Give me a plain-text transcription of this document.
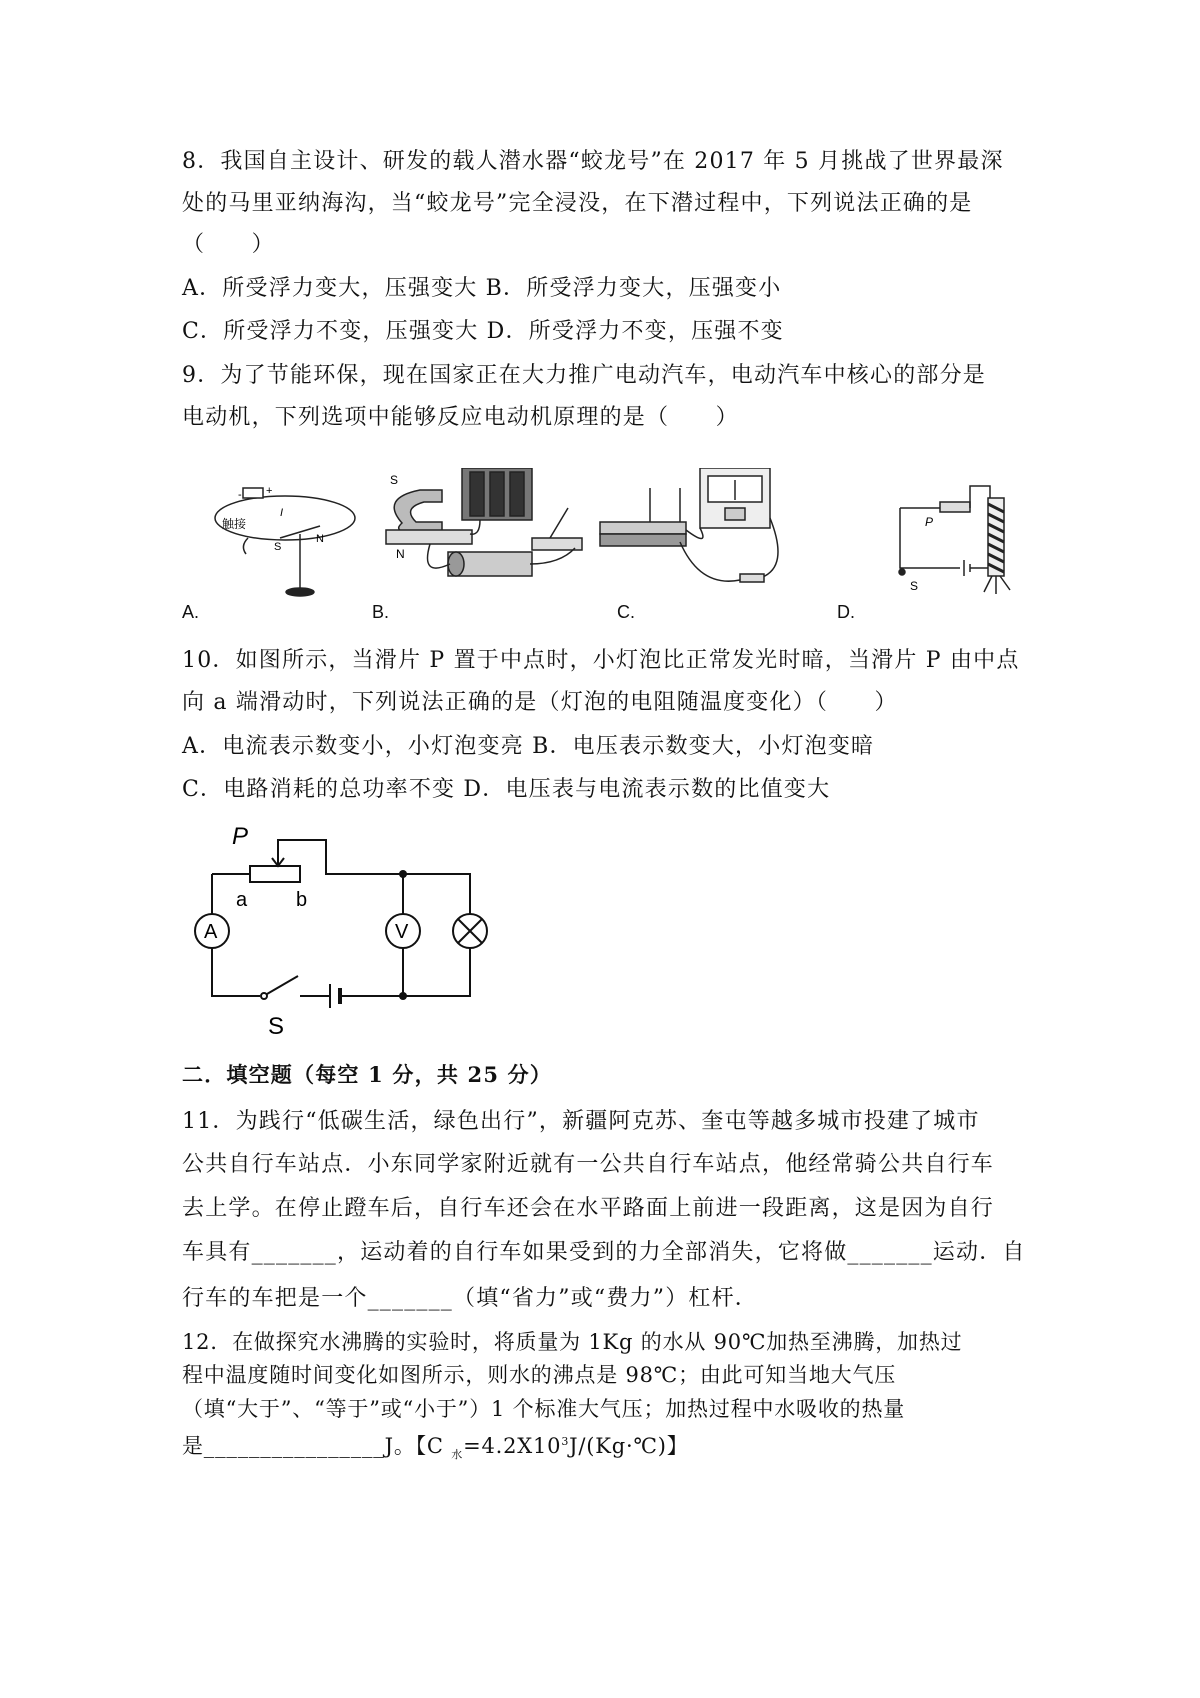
8．我国自主设计、研发的载人潜水器“蛟龙号”在 2017 年 5 月挑战了世界最深
处的马里亚纳海沟，当“蛟龙号”完全浸没，在下潜过程中，下列说法正确的是
（　　）
A．所受浮力变大，压强变大 B．所受浮力变大，压强变小
C．所受浮力不变，压强变大 D．所受浮力不变，压强不变
9．为了节能环保，现在国家正在大力推广电动汽车，电动汽车中核心的部分是
电动机，下列选项中能够反应电动机原理的是（　　）
触接
- +
I
S
N
S
N
P
S
A.	B.	C.	D.
10．如图所示，当滑片 P 置于中点时，小灯泡比正常发光时暗，当滑片 P 由中点
向 a 端滑动时，下列说法正确的是（灯泡的电阻随温度变化）（　　）
A．电流表示数变小，小灯泡变亮 B．电压表示数变大，小灯泡变暗
C．电路消耗的总功率不变 D．电压表与电流表示数的比值变大
A	V
P
a b
S
二．填空题（每空 1 分，共 25 分）
11．为践行“低碳生活，绿色出行”，新疆阿克苏、奎屯等越多城市投建了城市
公共自行车站点．小东同学家附近就有一公共自行车站点，他经常骑公共自行车
去上学。在停止蹬车后，自行车还会在水平路面上前进一段距离，这是因为自行
车具有_______，运动着的自行车如果受到的力全部消失，它将做_______运动．自
行车的车把是一个_______（填“省力”或“费力”）杠杆．
12．在做探究水沸腾的实验时，将质量为 1Kg 的水从 90℃加热至沸腾，加热过
程中温度随时间变化如图所示，则水的沸点是 98℃；由此可知当地大气压
（填“大于”、“等于”或“小于”）1 个标准大气压；加热过程中水吸收的热量
是________________J。【C $_水=4.2X10^3J/(Kg\cdot℃)$】
